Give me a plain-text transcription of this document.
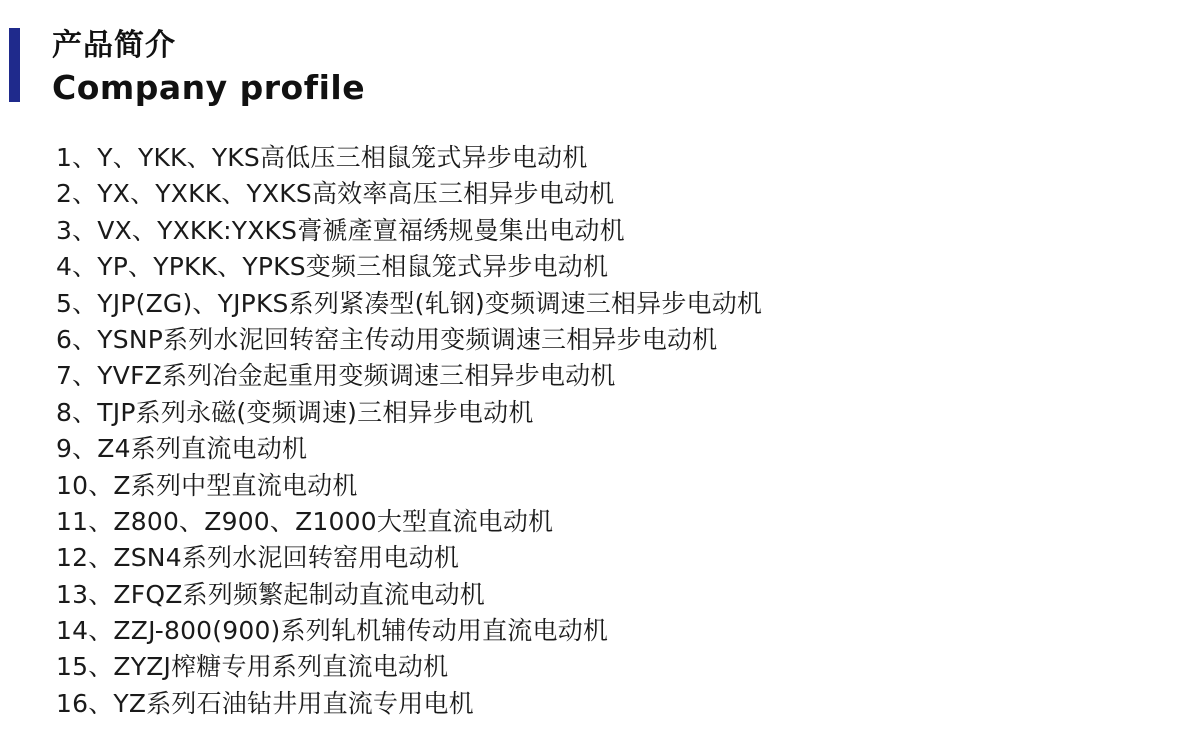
产品简介
Company profile
1、Y、YKK、YKS高低压三相鼠笼式异步电动机
2、YX、YXKK、YXKS高效率高压三相异步电动机
3、VX、YXKK:YXKS膏禠產亶福绣规曼集出电动机
4、YP、YPKK、YPKS变频三相鼠笼式异步电动机
5、YJP(ZG)、YJPKS系列紧凑型(轧钢)变频调速三相异步电动机
6、YSNP系列水泥回转窑主传动用变频调速三相异步电动机
7、YVFZ系列冶金起重用变频调速三相异步电动机
8、TJP系列永磁(变频调速)三相异步电动机
9、Z4系列直流电动机
10、Z系列中型直流电动机
11、Z800、Z900、Z1000大型直流电动机
12、ZSN4系列水泥回转窑用电动机
13、ZFQZ系列频繁起制动直流电动机
14、ZZJ-800(900)系列轧机辅传动用直流电动机
15、ZYZJ榨糖专用系列直流电动机
16、YZ系列石油钻井用直流专用电机
